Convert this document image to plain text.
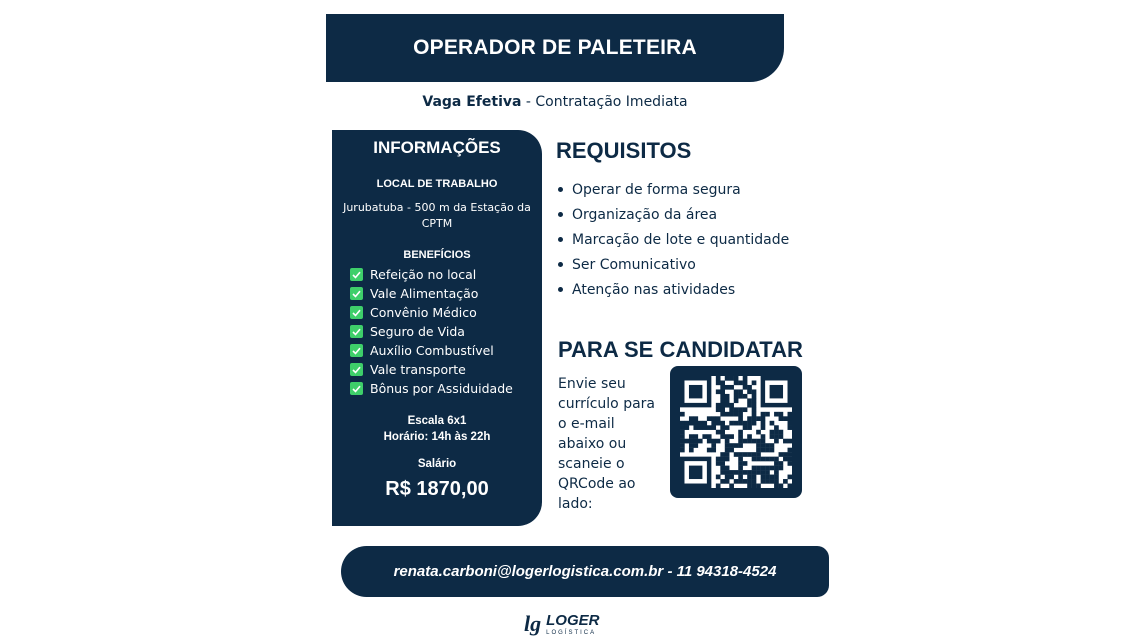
OPERADOR DE PALETEIRA
Vaga Efetiva - Contratação Imediata
INFORMAÇÕES
LOCAL DE TRABALHO
Jurubatuba - 500 m da Estação da CPTM
BENEFÍCIOS
Refeição no local
Vale Alimentação
Convênio Médico
Seguro de Vida
Auxílio Combustível
Vale transporte
Bônus por Assiduidade
Escala 6x1
Horário: 14h às 22h
Salário
R$ 1870,00
REQUISITOS
Operar de forma segura
Organização da área
Marcação de lote e quantidade
Ser Comunicativo
Atenção nas atividades
PARA SE CANDIDATAR
Envie seu currículo para o e-mail abaixo ou scaneie o QRCode ao lado:
renata.carboni@logerlogistica.com.br - 11 94318-4524
lg LOGER
LOGÍSTICA
